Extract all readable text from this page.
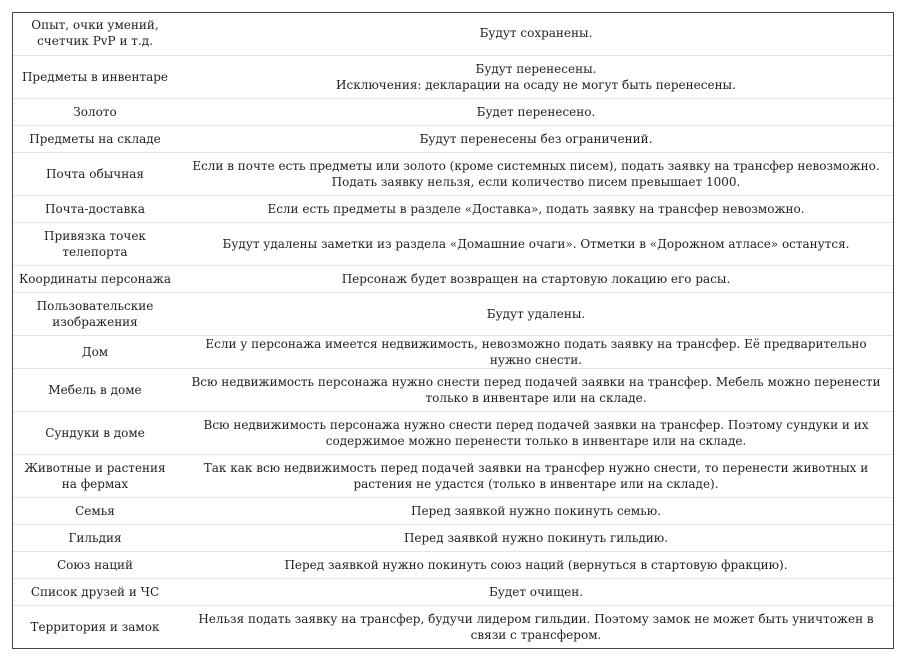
Опыт, очки умений, счетчик PvP и т.д.	Будут сохранены.

Предметы в инвентаре	Будут перенесены.
Исключения: декларации на осаду не могут быть перенесены.

Золото	Будет перенесено.

Предметы на складе	Будут перенесены без ограничений.

Почта обычная	Если в почте есть предметы или золото (кроме системных писем), подать заявку на трансфер невозможно. Подать заявку нельзя, если количество писем превышает 1000.

Почта-доставка	Если есть предметы в разделе «Доставка», подать заявку на трансфер невозможно.

Привязка точек телепорта	Будут удалены заметки из раздела «Домашние очаги». Отметки в «Дорожном атласе» останутся.

Координаты персонажа	Персонаж будет возвращен на стартовую локацию его расы.

Пользовательские изображения	Будут удалены.

Дом	Если у персонажа имеется недвижимость, невозможно подать заявку на трансфер. Её предварительно нужно снести.

Мебель в доме	Всю недвижимость персонажа нужно снести перед подачей заявки на трансфер. Мебель можно перенести только в инвентаре или на складе.

Сундуки в доме	Всю недвижимость персонажа нужно снести перед подачей заявки на трансфер. Поэтому сундуки и их содержимое можно перенести только в инвентаре или на складе.

Животные и растения на фермах	Так как всю недвижимость перед подачей заявки на трансфер нужно снести, то перенести животных и растения не удастся (только в инвентаре или на складе).

Семья	Перед заявкой нужно покинуть семью.

Гильдия	Перед заявкой нужно покинуть гильдию.

Союз наций	Перед заявкой нужно покинуть союз наций (вернуться в стартовую фракцию).

Список друзей и ЧС	Будет очищен.

Территория и замок	Нельзя подать заявку на трансфер, будучи лидером гильдии. Поэтому замок не может быть уничтожен в связи с трансфером.
